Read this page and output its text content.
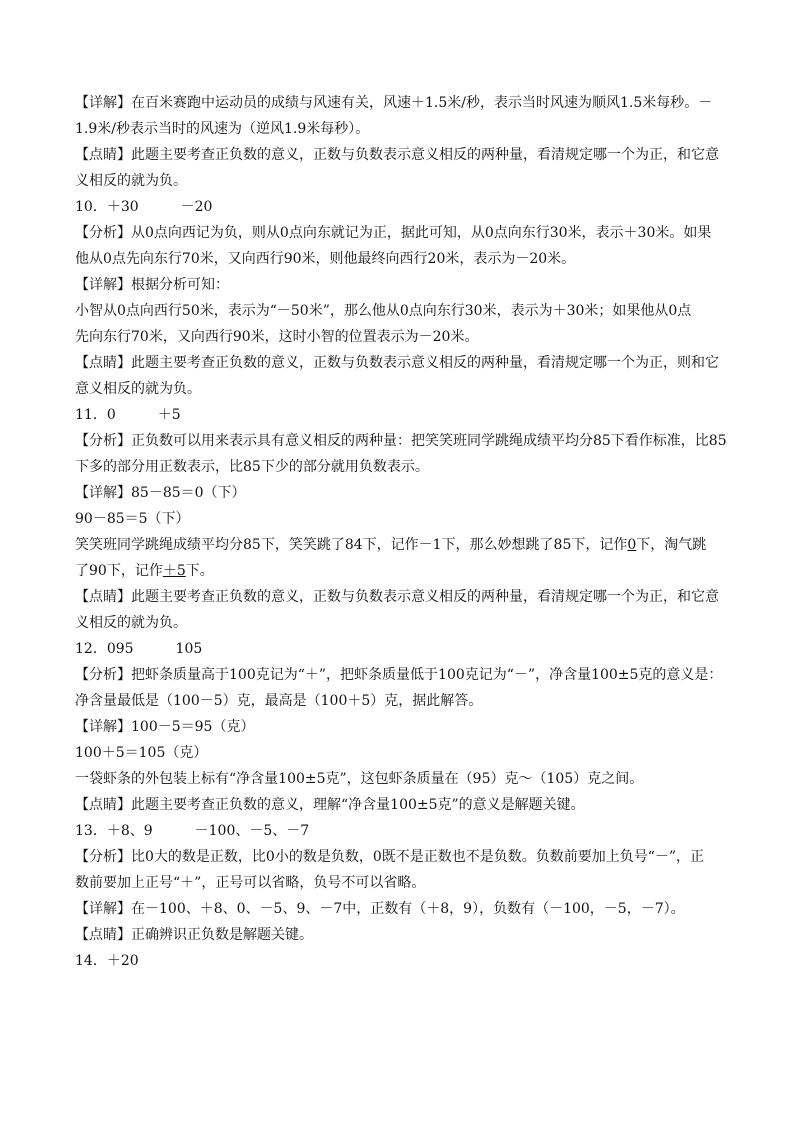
【详解】在百米赛跑中运动员的成绩与风速有关，风速＋1.5米/秒，表示当时风速为顺风1.5米每秒。－
1.9米/秒表示当时的风速为（逆风1.9米每秒）。
【点睛】此题主要考查正负数的意义，正数与负数表示意义相反的两种量，看清规定哪一个为正，和它意
义相反的就为负。
10．＋30　　　－20
【分析】从0点向西记为负，则从0点向东就记为正，据此可知，从0点向东行30米，表示＋30米。如果
他从0点先向东行70米，又向西行90米，则他最终向西行20米，表示为－20米。
【详解】根据分析可知：
小智从0点向西行50米，表示为“－50米”，那么他从0点向东行30米，表示为＋30米；如果他从0点
先向东行70米，又向西行90米，这时小智的位置表示为－20米。
【点睛】此题主要考查正负数的意义，正数与负数表示意义相反的两种量，看清规定哪一个为正，则和它
意义相反的就为负。
11．0　　　＋5
【分析】正负数可以用来表示具有意义相反的两种量：把笑笑班同学跳绳成绩平均分85下看作标准，比85
下多的部分用正数表示，比85下少的部分就用负数表示。
【详解】85－85＝0（下）
90－85＝5（下）
笑笑班同学跳绳成绩平均分85下，笑笑跳了84下，记作－1下，那么妙想跳了85下，记作0下，淘气跳
了90下，记作＋5下。
【点睛】此题主要考查正负数的意义，正数与负数表示意义相反的两种量，看清规定哪一个为正，和它意
义相反的就为负。
12．095　　　105
【分析】把虾条质量高于100克记为“＋”，把虾条质量低于100克记为“－”，净含量100±5克的意义是：
净含量最低是（100－5）克，最高是（100＋5）克，据此解答。
【详解】100－5＝95（克）
100＋5＝105（克）
一袋虾条的外包装上标有“净含量100±5克”，这包虾条质量在（95）克～（105）克之间。
【点睛】此题主要考查正负数的意义，理解“净含量100±5克”的意义是解题关键。
13．＋8、9　　　－100、－5、－7
【分析】比0大的数是正数，比0小的数是负数，0既不是正数也不是负数。负数前要加上负号“－”，正
数前要加上正号“＋”，正号可以省略，负号不可以省略。
【详解】在－100、＋8、0、－5、9、－7中，正数有（＋8，9），负数有（－100，－5，－7）。
【点睛】正确辨识正负数是解题关键。
14．＋20
